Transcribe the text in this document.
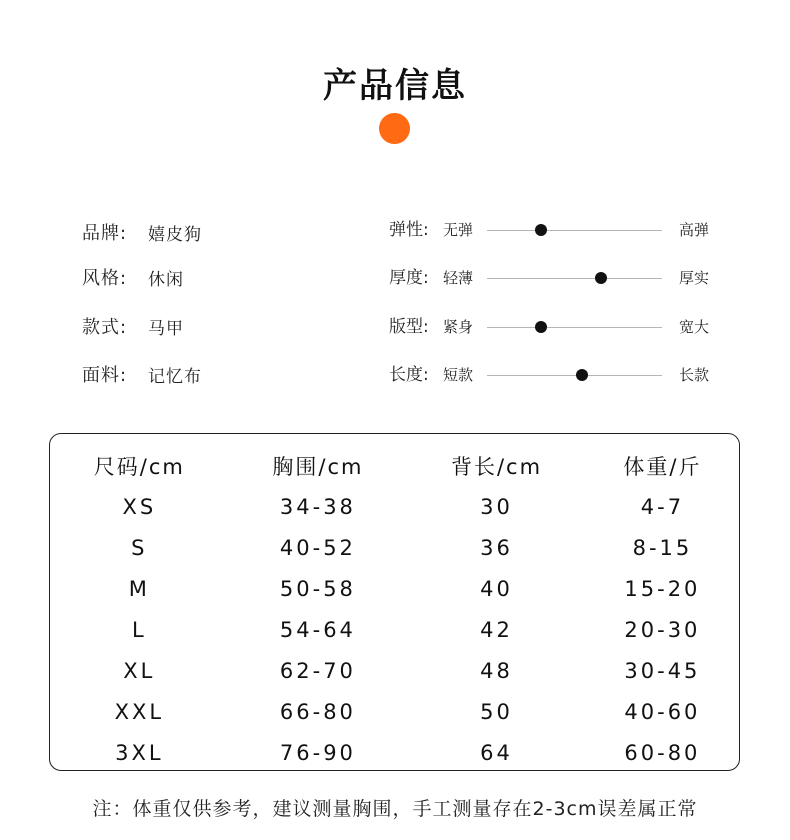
产品信息
品牌:	嬉皮狗
风格:	休闲
款式:	马甲
面料:	记忆布
弹性: 无弹	高弹
厚度: 轻薄	厚实
版型: 紧身	宽大
长度: 短款	长款
尺码/cm	胸围/cm	背长/cm	体重/斤
XS	34-38	30	4-7
S	40-52	36	8-15
M	50-58	40	15-20
L	54-64	42	20-30
XL	62-70	48	30-45
XXL	66-80	50	40-60
3XL	76-90	64	60-80
注：体重仅供参考，建议测量胸围，手工测量存在2-3cm误差属正常
